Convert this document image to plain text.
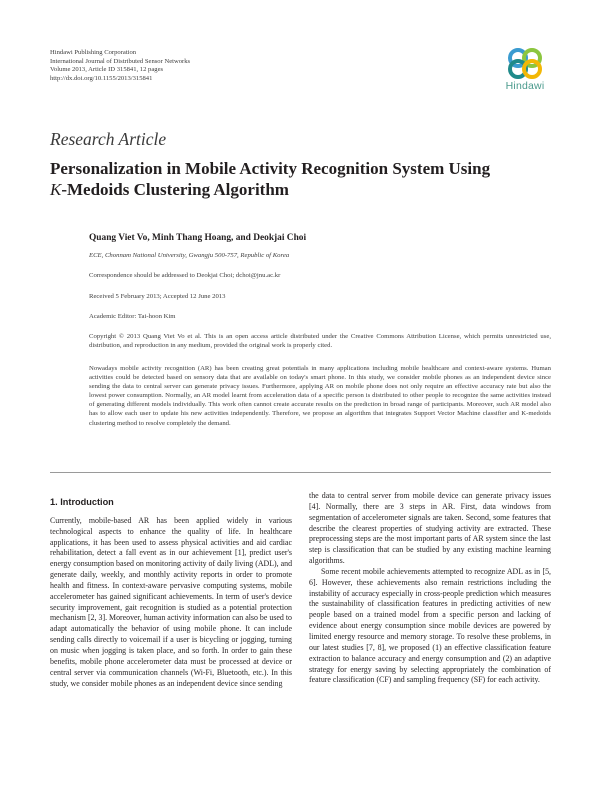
Hindawi Publishing Corporation
International Journal of Distributed Sensor Networks
Volume 2013, Article ID 315841, 12 pages
http://dx.doi.org/10.1155/2013/315841
Hindawi
Research Article
Personalization in Mobile Activity Recognition System Using
K-Medoids Clustering Algorithm
Quang Viet Vo, Minh Thang Hoang, and Deokjai Choi
ECE, Chonnam National University, Gwangju 500-757, Republic of Korea
Correspondence should be addressed to Deokjai Choi; dchoi@jnu.ac.kr
Received 5 February 2013; Accepted 12 June 2013
Academic Editor: Tai-hoon Kim
Copyright © 2013 Quang Viet Vo et al. This is an open access article distributed under the Creative Commons Attribution License, which permits unrestricted use, distribution, and reproduction in any medium, provided the original work is properly cited.
Nowadays mobile activity recognition (AR) has been creating great potentials in many applications including mobile healthcare and context-aware systems. Human activities could be detected based on sensory data that are available on today's smart phone. In this study, we consider mobile phones as an independent device since sending the data to central server can generate privacy issues. Furthermore, applying AR on mobile phone does not only require an effective accuracy rate but also the lowest power consumption. Normally, an AR model learnt from acceleration data of a specific person is distributed to other people to recognize the same activities instead of generating different models individually. This work often cannot create accurate results on the prediction in broad range of participants. Moreover, such AR model also has to allow each user to update his new activities independently. Therefore, we propose an algorithm that integrates Support Vector Machine classifier and K-medoids clustering method to resolve completely the demand.

1. Introduction

Currently, mobile-based AR has been applied widely in various technological aspects to enhance the quality of life. In healthcare applications, it has been used to assess physical activities and aid cardiac rehabilitation, detect a fall event as in our achievement [1], predict user's energy consumption based on monitoring activity of daily living (ADL), and generate daily, weekly, and monthly activity reports in order to promote health and fitness. In context-aware pervasive computing systems, mobile accelerometer has gained significant achievements. In term of user's device security improvement, gait recognition is studied as a potential protection mechanism [2, 3]. Moreover, human activity information can also be used to adapt automatically the behavior of using mobile phone. It can include sending calls directly to voicemail if a user is bicycling or jogging, turning on music when jogging is taken place, and so forth. In order to gain these benefits, mobile phone accelerometer data must be processed at device or central server via communication channels (Wi-Fi, Bluetooth, etc.). In this study, we consider mobile phones as an independent device since sending

the data to central server from mobile device can generate privacy issues [4]. Normally, there are 3 steps in AR. First, data windows from segmentation of accelerometer signals are taken. Second, some features that describe the clearest properties of studying activity are extracted. These preprocessing steps are the most important parts of AR system since the last step is classification that can be studied by any existing machine learning algorithms.

Some recent mobile achievements attempted to recognize ADL as in [5, 6]. However, these achievements also remain restrictions including the instability of accuracy especially in cross-people prediction which measures the sustainability of classification features in predicting activities of new people based on a trained model from a specific person and lacking of evidence about energy consumption since mobile devices are powered by limited energy resource and memory storage. To resolve these problems, in our latest studies [7, 8], we proposed (1) an effective classification feature extraction to balance accuracy and energy consumption and (2) an adaptive strategy for energy saving by selecting appropriately the combination of feature classification (CF) and sampling frequency (SF) for each activity.
